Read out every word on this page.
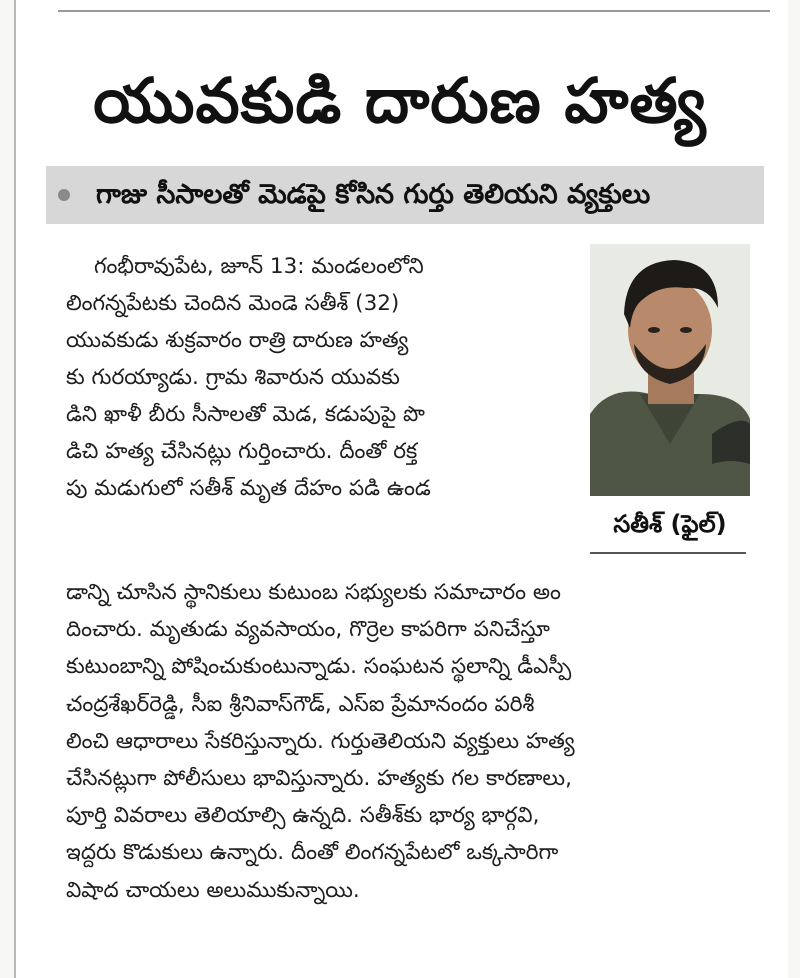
యువకుడి దారుణ హత్య
గాజు సీసాలతో మెడపై కోసిన గుర్తు తెలియని వ్యక్తులు
గంభీరావుపేట, జూన్ 13: మండలంలోని
లింగన్నపేటకు చెందిన మెండె సతీశ్ (32)
యువకుడు శుక్రవారం రాత్రి దారుణ హత్య
కు గురయ్యాడు. గ్రామ శివారున యువకు
డిని ఖాళీ బీరు సీసాలతో మెడ, కడుపుపై పొ
డిచి హత్య చేసినట్లు గుర్తించారు. దీంతో రక్త
పు మడుగులో సతీశ్ మృత దేహం పడి ఉండ
సతీశ్ (ఫైల్)
డాన్ని చూసిన స్థానికులు కుటుంబ సభ్యులకు సమాచారం అం
దించారు. మృతుడు వ్యవసాయం, గొర్రెల కాపరిగా పనిచేస్తూ
కుటుంబాన్ని పోషించుకుంటున్నాడు. సంఘటన స్థలాన్ని డీఎస్పీ
చంద్రశేఖర్‌రెడ్డి, సీఐ శ్రీనివాస్‌గౌడ్, ఎస్ఐ ప్రేమానందం పరిశీ
లించి ఆధారాలు సేకరిస్తున్నారు. గుర్తుతెలియని వ్యక్తులు హత్య
చేసినట్లుగా పోలీసులు భావిస్తున్నారు. హత్యకు గల కారణాలు,
పూర్తి వివరాలు తెలియాల్సి ఉన్నది. సతీశ్‌కు భార్య భార్గవి,
ఇద్దరు కొడుకులు ఉన్నారు. దీంతో లింగన్నపేటలో ఒక్కసారిగా
విషాద చాయలు అలుముకున్నాయి.
